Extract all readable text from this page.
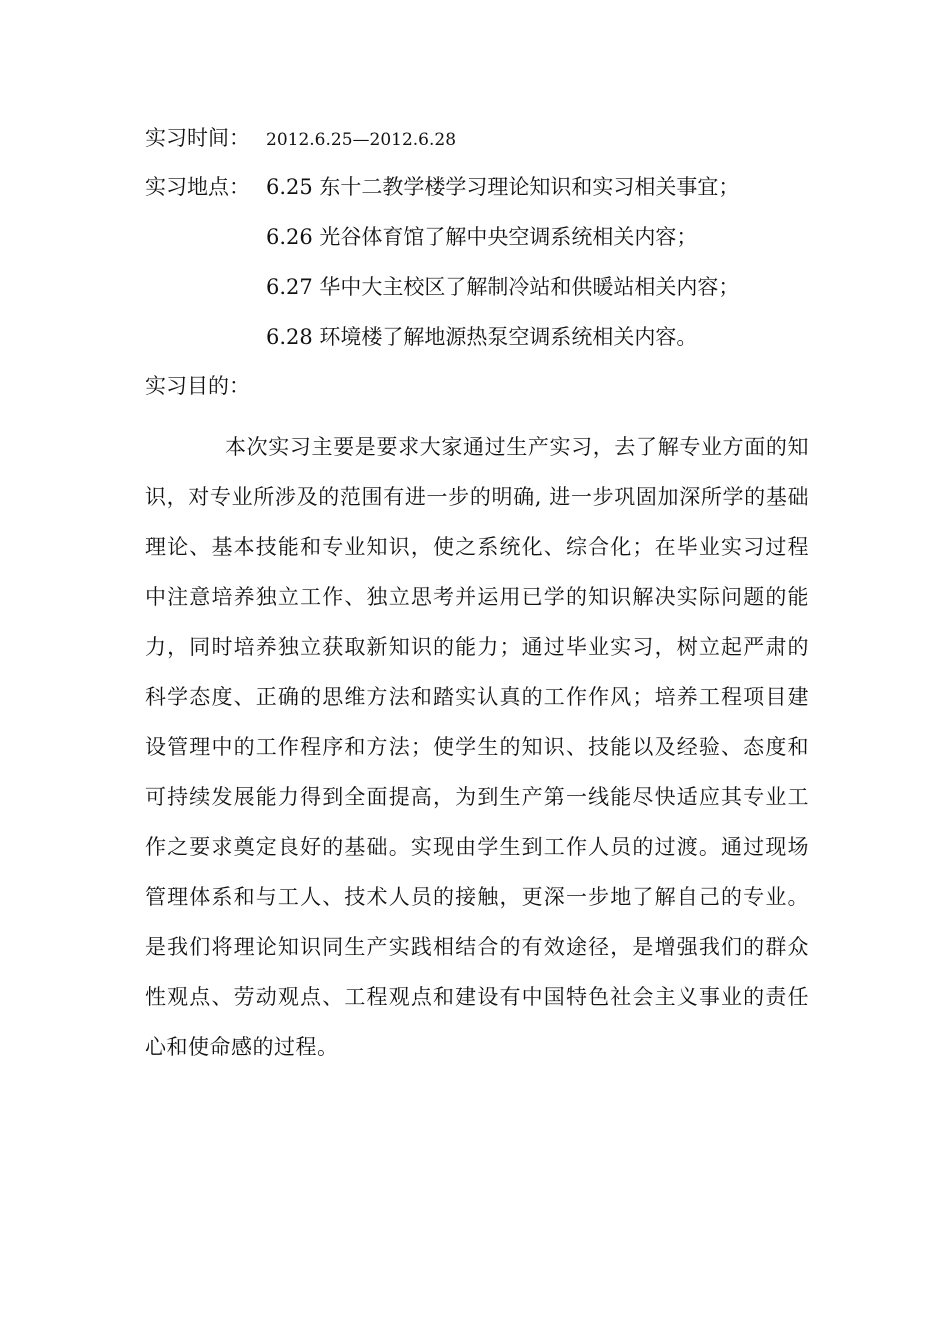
实习时间： 2012.6.25—2012.6.28
实习地点： 6.25 东十二教学楼学习理论知识和实习相关事宜；
6.26 光谷体育馆了解中央空调系统相关内容；
6.27 华中大主校区了解制冷站和供暖站相关内容；
6.28 环境楼了解地源热泵空调系统相关内容。
实习目的：
本次实习主要是要求大家通过生产实习，去了解专业方面的知识，对专业所涉及的范围有进一步的明确, 进一步巩固加深所学的基础理论、基本技能和专业知识，使之系统化、综合化；在毕业实习过程中注意培养独立工作、独立思考并运用已学的知识解决实际问题的能力，同时培养独立获取新知识的能力；通过毕业实习，树立起严肃的科学态度、正确的思维方法和踏实认真的工作作风；培养工程项目建设管理中的工作程序和方法；使学生的知识、技能以及经验、态度和可持续发展能力得到全面提高，为到生产第一线能尽快适应其专业工作之要求奠定良好的基础。实现由学生到工作人员的过渡。通过现场管理体系和与工人、技术人员的接触，更深一步地了解自己的专业。是我们将理论知识同生产实践相结合的有效途径，是增强我们的群众性观点、劳动观点、工程观点和建设有中国特色社会主义事业的责任心和使命感的过程。
